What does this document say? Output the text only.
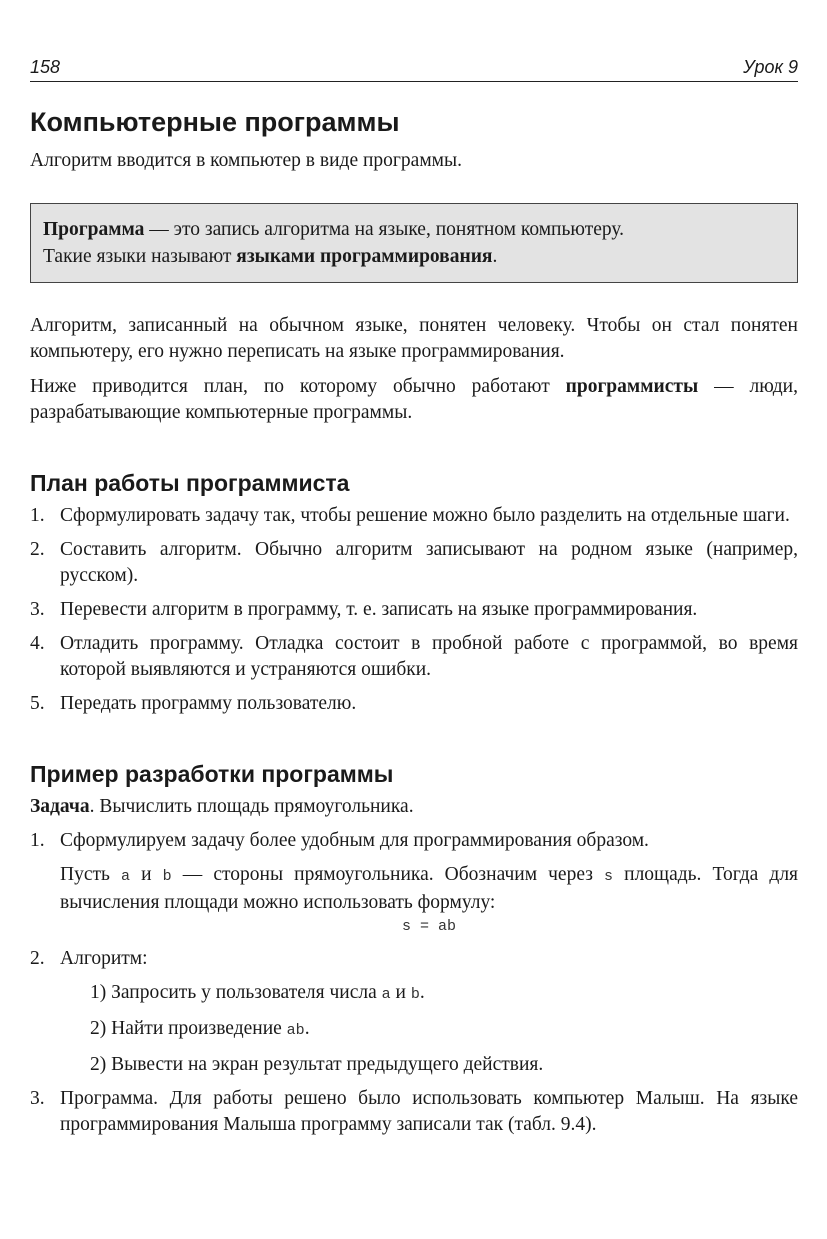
158	Урок 9
Компьютерные программы

Алгоритм вводится в компьютер в виде программы.

Программа — это запись алгоритма на языке, понятном компьютеру.
Такие языки называют языками программирования.

Алгоритм, записанный на обычном языке, понятен человеку. Чтобы он стал понятен компьютеру, его нужно переписать на языке программирования.

Ниже приводится план, по которому обычно работают программисты — люди, разрабатывающие компьютерные программы.

План работы программиста
1. Сформулировать задачу так, чтобы решение можно было разделить на отдельные шаги.
2. Составить алгоритм. Обычно алгоритм записывают на родном языке (например, русском).
3. Перевести алгоритм в программу, т. е. записать на языке программирования.
4. Отладить программу. Отладка состоит в пробной работе с программой, во время которой выявляются и устраняются ошибки.
5. Передать программу пользователю.
Пример разработки программы

Задача. Вычислить площадь прямоугольника.

1. Сформулируем задачу более удобным для программирования образом.

Пусть a и b — стороны прямоугольника. Обозначим через s площадь. Тогда для вычисления площади можно использовать формулу:

s = ab
2. Алгоритм:
1) Запросить у пользователя числа a и b.
2) Найти произведение ab.
2) Вывести на экран результат предыдущего действия.
3. Программа. Для работы решено было использовать компьютер Малыш. На языке программирования Малыша программу записали так (табл. 9.4).
